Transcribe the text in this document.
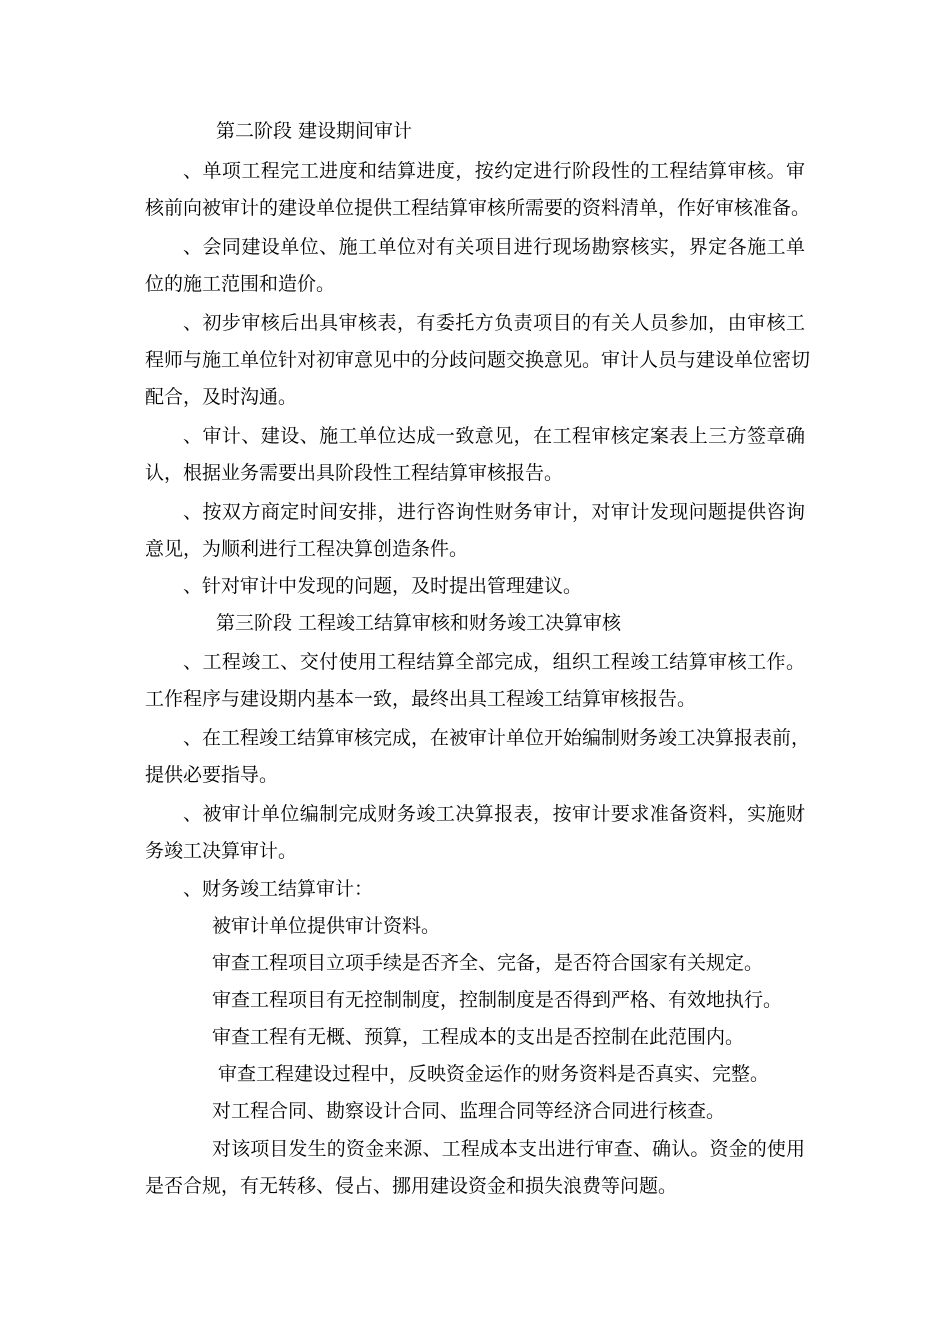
第二阶段 建设期间审计
、单项工程完工进度和结算进度，按约定进行阶段性的工程结算审核。审
核前向被审计的建设单位提供工程结算审核所需要的资料清单，作好审核准备。
、会同建设单位、施工单位对有关项目进行现场勘察核实，界定各施工单
位的施工范围和造价。
、初步审核后出具审核表，有委托方负责项目的有关人员参加，由审核工
程师与施工单位针对初审意见中的分歧问题交换意见。审计人员与建设单位密切
配合，及时沟通。
、审计、建设、施工单位达成一致意见，在工程审核定案表上三方签章确
认，根据业务需要出具阶段性工程结算审核报告。
、按双方商定时间安排，进行咨询性财务审计，对审计发现问题提供咨询
意见，为顺利进行工程决算创造条件。
、针对审计中发现的问题，及时提出管理建议。
第三阶段 工程竣工结算审核和财务竣工决算审核
、工程竣工、交付使用工程结算全部完成，组织工程竣工结算审核工作。
工作程序与建设期内基本一致，最终出具工程竣工结算审核报告。
、在工程竣工结算审核完成，在被审计单位开始编制财务竣工决算报表前，
提供必要指导。
、被审计单位编制完成财务竣工决算报表，按审计要求准备资料，实施财
务竣工决算审计。
、财务竣工结算审计：
被审计单位提供审计资料。
审查工程项目立项手续是否齐全、完备，是否符合国家有关规定。
审查工程项目有无控制制度，控制制度是否得到严格、有效地执行。
审查工程有无概、预算，工程成本的支出是否控制在此范围内。
审查工程建设过程中，反映资金运作的财务资料是否真实、完整。
对工程合同、勘察设计合同、监理合同等经济合同进行核查。
对该项目发生的资金来源、工程成本支出进行审查、确认。资金的使用
是否合规，有无转移、侵占、挪用建设资金和损失浪费等问题。
